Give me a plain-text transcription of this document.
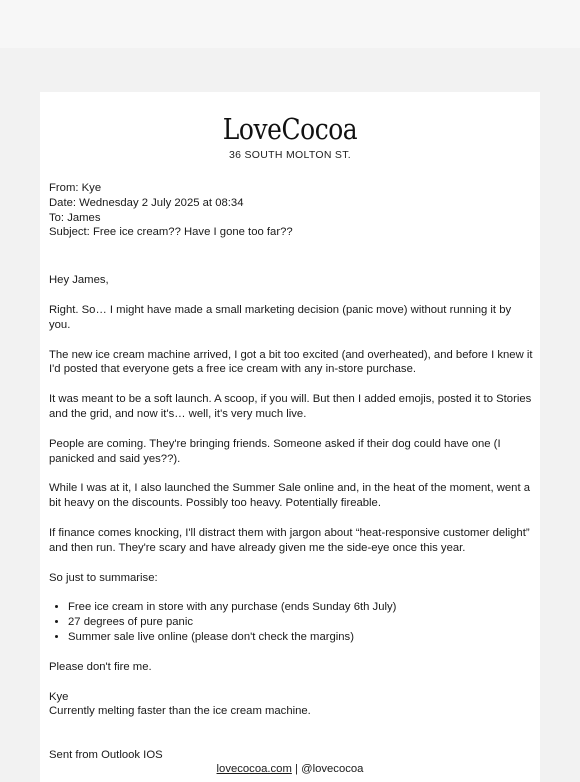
LoveCocoa
36 SOUTH MOLTON ST.

From: Kye

Date: Wednesday 2 July 2025 at 08:34

To: James

Subject: Free ice cream?? Have I gone too far??

Hey James,

Right. So… I might have made a small marketing decision (panic move) without running it by you.

The new ice cream machine arrived, I got a bit too excited (and overheated), and before I knew it I'd posted that everyone gets a free ice cream with any in-store purchase.

It was meant to be a soft launch. A scoop, if you will. But then I added emojis, posted it to Stories and the grid, and now it's… well, it's very much live.

People are coming. They're bringing friends. Someone asked if their dog could have one (I panicked and said yes??).

While I was at it, I also launched the Summer Sale online and, in the heat of the moment, went a bit heavy on the discounts. Possibly too heavy. Potentially fireable.

If finance comes knocking, I'll distract them with jargon about “heat-responsive customer delight” and then run. They're scary and have already given me the side-eye once this year.

So just to summarise:

• Free ice cream in store with any purchase (ends Sunday 6th July)
• 27 degrees of pure panic
• Summer sale live online (please don't check the margins)

Please don't fire me.

Kye

Currently melting faster than the ice cream machine.

Sent from Outlook IOS

lovecocoa.com | @lovecocoa
